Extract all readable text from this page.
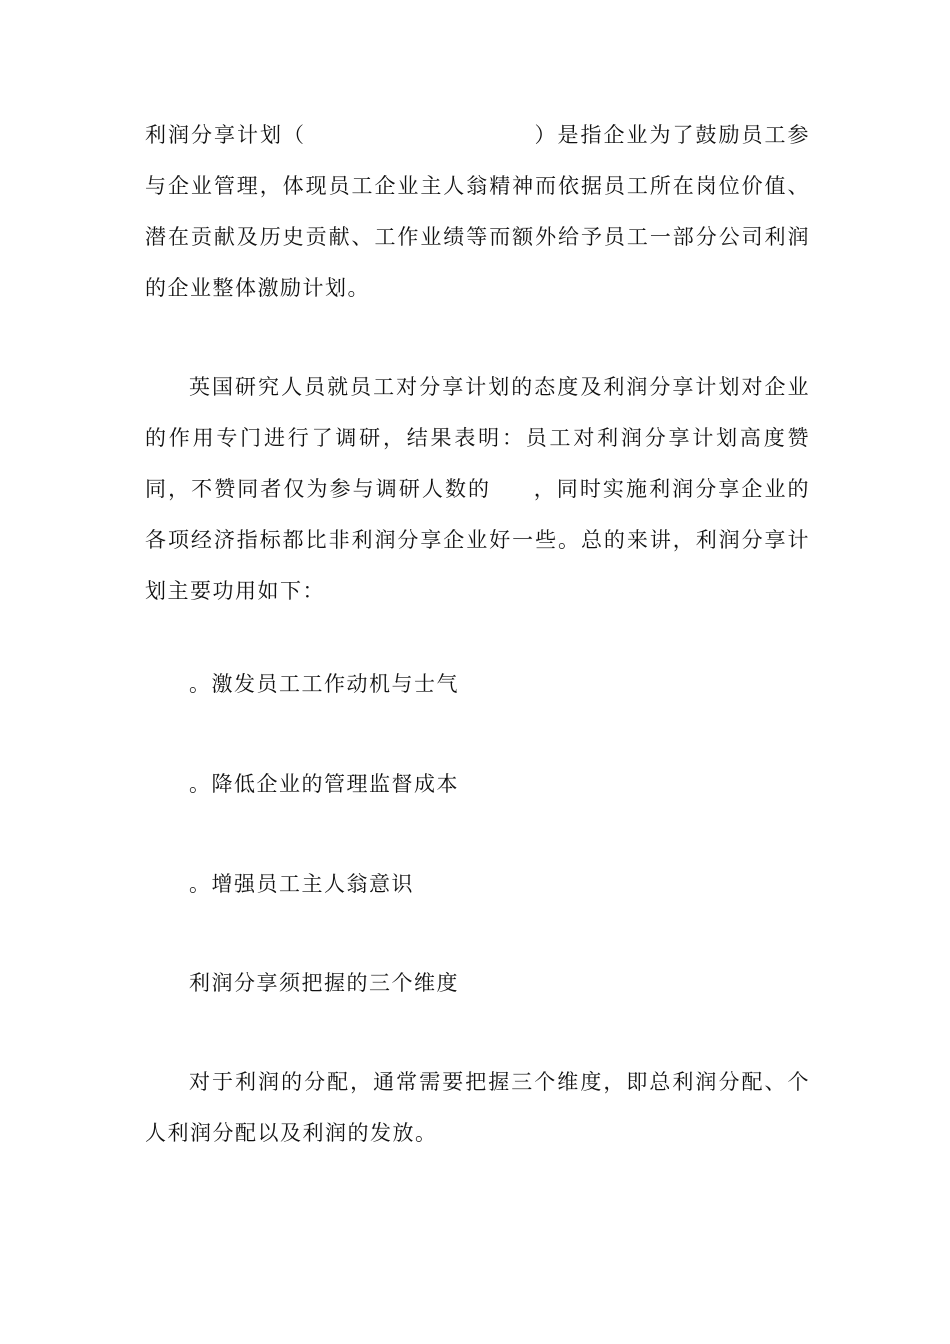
利润分享计划（	）是指企业为了鼓励员工参与企业管理，体现员工企业主人翁精神而依据员工所在岗位价值、潜在贡献及历史贡献、工作业绩等而额外给予员工一部分公司利润的企业整体激励计划。

英国研究人员就员工对分享计划的态度及利润分享计划对企业的作用专门进行了调研，结果表明：员工对利润分享计划高度赞同，不赞同者仅为参与调研人数的 ，同时实施利润分享企业的各项经济指标都比非利润分享企业好一些。总的来讲，利润分享计划主要功用如下：

。激发员工工作动机与士气

。降低企业的管理监督成本

。增强员工主人翁意识

利润分享须把握的三个维度

对于利润的分配，通常需要把握三个维度，即总利润分配、个人利润分配以及利润的发放。
